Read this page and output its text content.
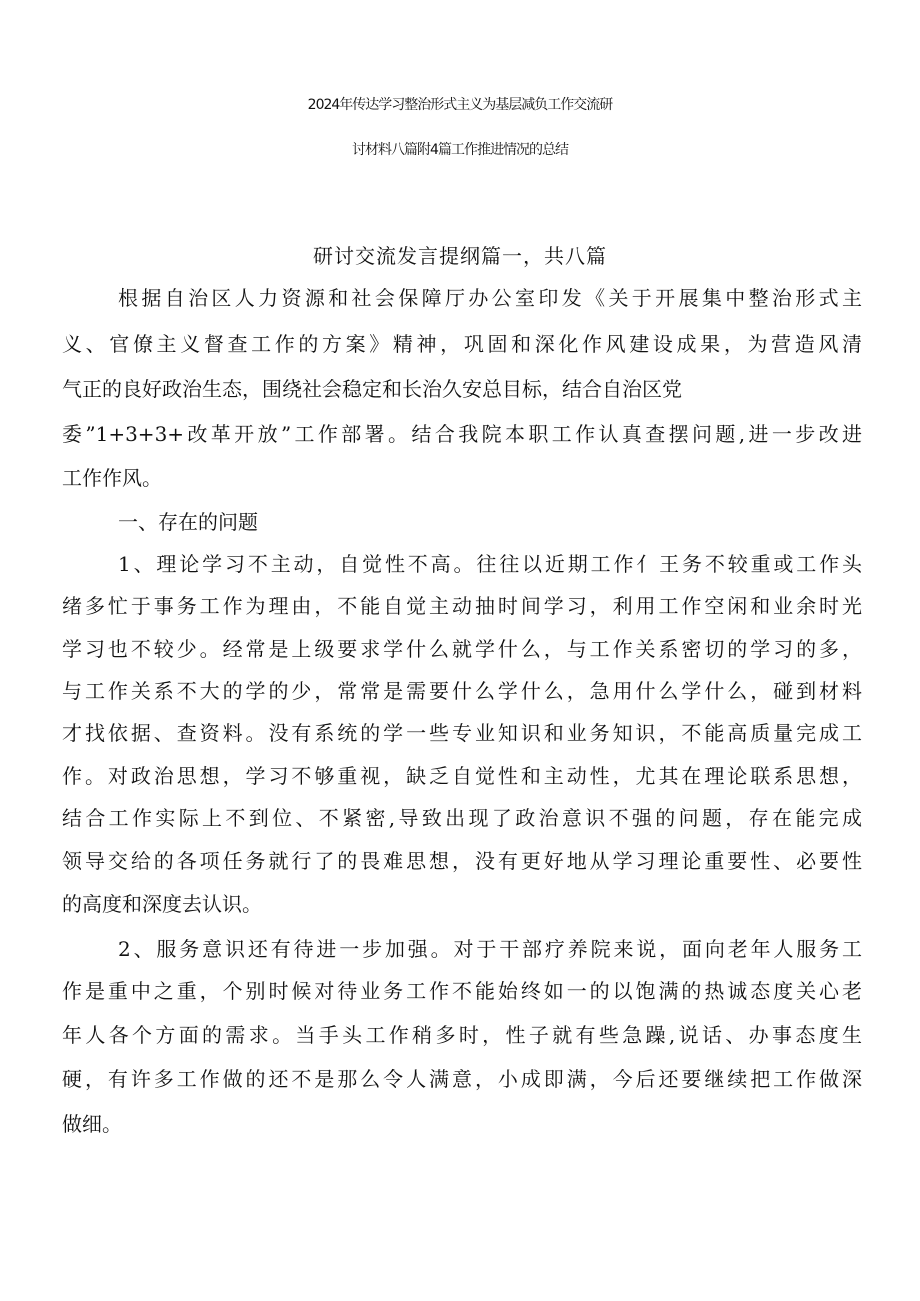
2024年传达学习整治形式主义为基层减负工作交流研
讨材料八篇附4篇工作推进情况的总结
研讨交流发言提纲篇一，共八篇
根据自治区人力资源和社会保障厅办公室印发《关于开展集中整治形式主
义、官僚主义督查工作的方案》精神，巩固和深化作风建设成果，为营造风清
气正的良好政治生态，围绕社会稳定和长治久安总目标，结合自治区党
委”1+3+3+改革开放”工作部署。结合我院本职工作认真查摆问题,进一步改进
工作作风。
一、存在的问题
1、理论学习不主动，自觉性不高。往往以近期工作亻王务不较重或工作头
绪多忙于事务工作为理由，不能自觉主动抽时间学习，利用工作空闲和业余时光
学习也不较少。经常是上级要求学什么就学什么，与工作关系密切的学习的多，
与工作关系不大的学的少，常常是需要什么学什么，急用什么学什么，碰到材料
才找依据、查资料。没有系统的学一些专业知识和业务知识，不能高质量完成工
作。对政治思想，学习不够重视，缺乏自觉性和主动性，尤其在理论联系思想，
结合工作实际上不到位、不紧密,导致出现了政治意识不强的问题，存在能完成
领导交给的各项任务就行了的畏难思想，没有更好地从学习理论重要性、必要性
的高度和深度去认识。
2、服务意识还有待进一步加强。对于干部疗养院来说，面向老年人服务工
作是重中之重，个别时候对待业务工作不能始终如一的以饱满的热诚态度关心老
年人各个方面的需求。当手头工作稍多时，性子就有些急躁,说话、办事态度生
硬，有许多工作做的还不是那么令人满意，小成即满，今后还要继续把工作做深
做细。
